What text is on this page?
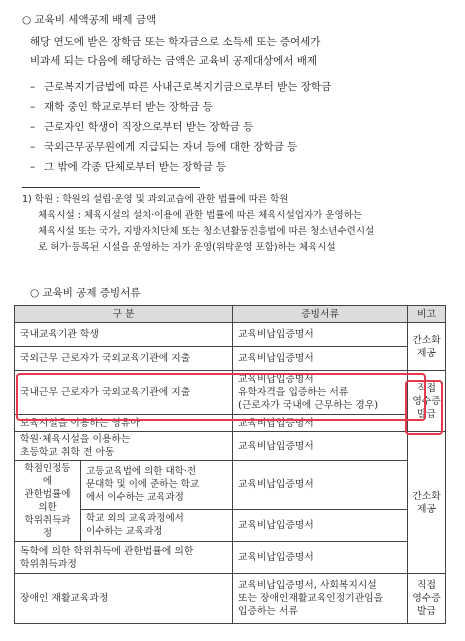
○ 교육비 세액공제 배제 금액
해당 연도에 받은 장학금 또는 학자금으로 소득세 또는 증여세가
비과세 되는 다음에 해당하는 금액은 교육비 공제대상에서 배제
– 근로복지기금법에 따른 사내근로복지기금으로부터 받는 장학금
– 재학 중인 학교로부터 받는 장학금 등
– 근로자인 학생이 직장으로부터 받는 장학금 등
– 국외근무공무원에게 지급되는 자녀 등에 대한 장학금 등
– 그 밖에 각종 단체로부터 받는 장학금 등
1) 학원 : 학원의 설립·운영 및 과외교습에 관한 법률에 따른 학원
체육시설 : 체육시설의 설치·이용에 관한 법률에 따른 체육시설업자가 운영하는
체육시설 또는 국가, 지방자치단체 또는 청소년활동진흥법에 따른 청소년수련시설
로 허가·등록된 시설을 운영하는 자가 운영(위탁운영 포함)하는 체육시설
○ 교육비 공제 증빙서류
구 분		증빙서류	비고
국내교육기관 학생		교육비납입증명서	간소화
제공
국외근무 근로자가 국외교육기관에 지출		교육비납입증명서	
국내근무 근로자가 국외교육기관에 지출		교육비납입증명서
유학자격을 입증하는 서류
(근로자가 국내에 근무하는 경우)	직접
영수증
발급
보육시설을 이용하는 영유아		교육비납입증명서	
학원·체육시설을 이용하는
초등학교 취학 전 아동		교육비납입증명서	간소화
제공
학점인정등에
관한법률에
의한
학위취득과정	고등교육법에 의한 대학·전
문대학 및 이에 준하는 학교
에서 이수하는 교육과정	교육비납입증명서	
	학교 외의 교육과정에서
이수하는 교육과정	교육비납입증명서	
독학에 의한 학위취득에 관한법률에 의한
학위취득과정		교육비납입증명서	
장애인 재활교육과정		교육비납입증명서, 사회복지시설
또는 장애인재활교육인정기관임을
입증하는 서류	직접
영수증
발급
